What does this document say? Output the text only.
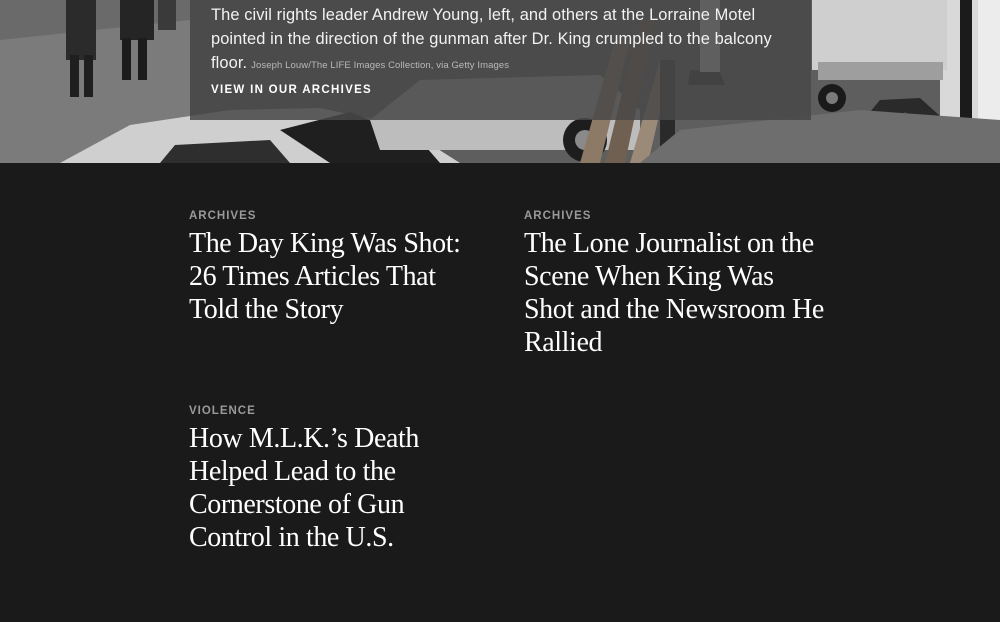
The civil rights leader Andrew Young, left, and others at the Lorraine Motel pointed in the direction of the gunman after Dr. King crumpled to the balcony floor. Joseph Louw/The LIFE Images Collection, via Getty Images

VIEW IN OUR ARCHIVES
ARCHIVES
The Day King Was Shot: 26 Times Articles That Told the Story
ARCHIVES
The Lone Journalist on the Scene When King Was Shot and the Newsroom He Rallied
VIOLENCE
How M.L.K.’s Death Helped Lead to the Cornerstone of Gun Control in the U.S.
